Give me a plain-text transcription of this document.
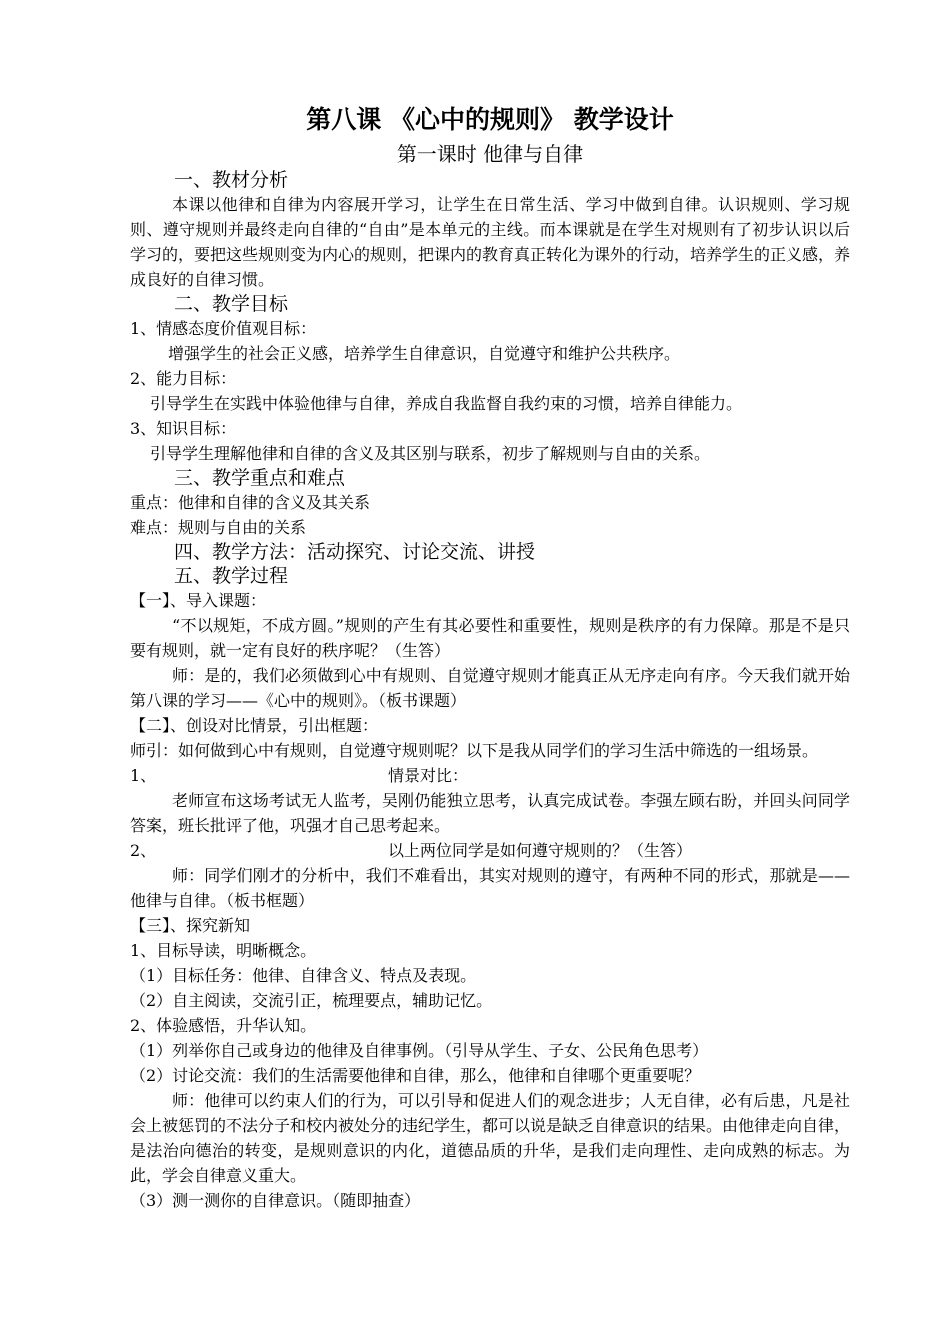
第八课 《心中的规则》 教学设计
第一课时 他律与自律
一、教材分析

本课以他律和自律为内容展开学习，让学生在日常生活、学习中做到自律。认识规则、学习规则、遵守规则并最终走向自律的“自由”是本单元的主线。而本课就是在学生对规则有了初步认识以后学习的，要把这些规则变为内心的规则，把课内的教育真正转化为课外的行动，培养学生的正义感，养成良好的自律习惯。

二、教学目标

1、情感态度价值观目标：

增强学生的社会正义感，培养学生自律意识，自觉遵守和维护公共秩序。

2、能力目标：

引导学生在实践中体验他律与自律，养成自我监督自我约束的习惯，培养自律能力。

3、知识目标：

引导学生理解他律和自律的含义及其区别与联系，初步了解规则与自由的关系。

三、教学重点和难点

重点：他律和自律的含义及其关系

难点：规则与自由的关系

四、教学方法：活动探究、讨论交流、讲授
五、教学过程

【一】、导入课题：

“不以规矩，不成方圆。”规则的产生有其必要性和重要性，规则是秩序的有力保障。那是不是只要有规则，就一定有良好的秩序呢？（生答）

师：是的，我们必须做到心中有规则、自觉遵守规则才能真正从无序走向有序。今天我们就开始第八课的学习——《心中的规则》。（板书课题）

【二】、创设对比情景，引出框题：

师引：如何做到心中有规则，自觉遵守规则呢？以下是我从同学们的学习生活中筛选的一组场景。

1、	情景对比：

老师宣布这场考试无人监考，吴刚仍能独立思考，认真完成试卷。李强左顾右盼，并回头问同学答案，班长批评了他，巩强才自己思考起来。

2、	以上两位同学是如何遵守规则的？（生答）

师：同学们刚才的分析中，我们不难看出，其实对规则的遵守，有两种不同的形式，那就是——他律与自律。（板书框题）

【三】、探究新知

1、目标导读，明晰概念。

（1）目标任务：他律、自律含义、特点及表现。

（2）自主阅读，交流引正，梳理要点，辅助记忆。

2、体验感悟，升华认知。

（1）列举你自己或身边的他律及自律事例。（引导从学生、子女、公民角色思考）

（2）讨论交流：我们的生活需要他律和自律，那么，他律和自律哪个更重要呢？

师：他律可以约束人们的行为，可以引导和促进人们的观念进步；人无自律，必有后患，凡是社会上被惩罚的不法分子和校内被处分的违纪学生，都可以说是缺乏自律意识的结果。由他律走向自律，是法治向德治的转变，是规则意识的内化，道德品质的升华，是我们走向理性、走向成熟的标志。为此，学会自律意义重大。

（3）测一测你的自律意识。（随即抽查）
